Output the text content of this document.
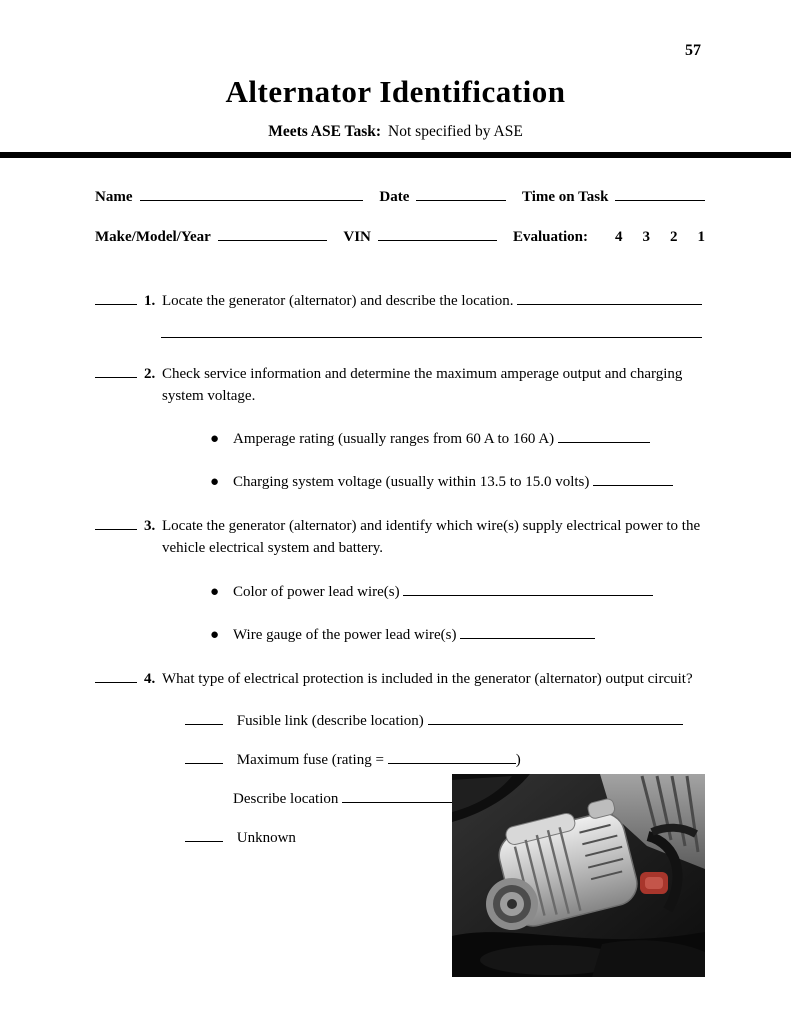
57
Alternator Identification
Meets ASE Task: Not specified by ASE
Name	Date	Time on Task
Make/Model/Year	VIN	Evaluation: 4 3 2 1
1. Locate the generator (alternator) and describe the location.
2. Check service information and determine the maximum amperage output and charging system voltage.
● Amperage rating (usually ranges from 60 A to 160 A)
● Charging system voltage (usually within 13.5 to 15.0 volts)
3. Locate the generator (alternator) and identify which wire(s) supply electrical power to the vehicle electrical system and battery.
● Color of power lead wire(s)
● Wire gauge of the power lead wire(s)
4. What type of electrical protection is included in the generator (alternator) output circuit?
Fusible link (describe location)
Maximum fuse (rating =	)
Describe location
Unknown
